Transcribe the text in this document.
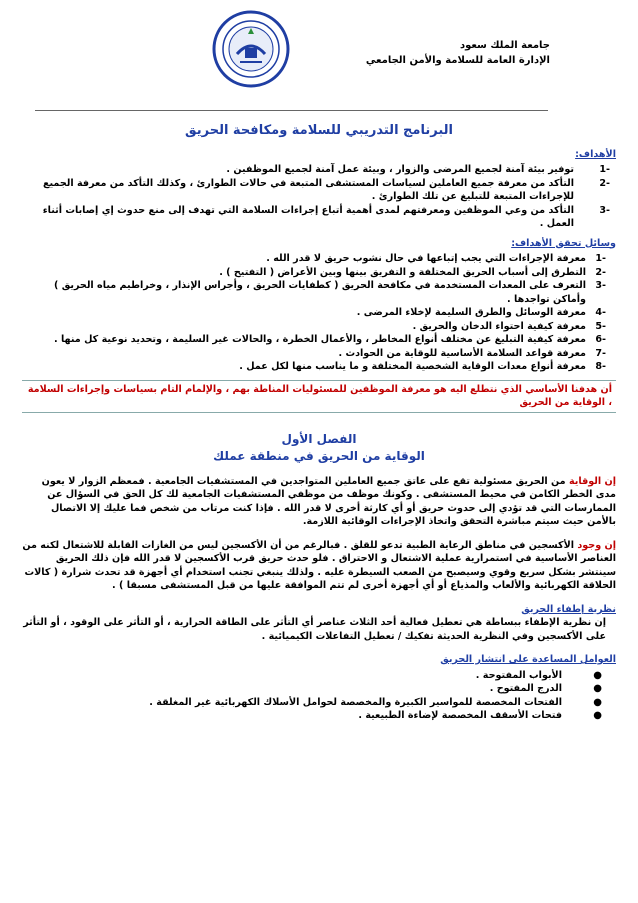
جامعة الملك سعود
الإدارة العامة للسلامة والأمن الجامعي
البرنامج التدريبي للسلامة ومكافحة الحريق
الأهداف:
-1
توفير بيئة آمنة لجميع المرضى والزوار ، وبيئة عمل آمنة لجميع الموظفين .
-2
التأكد من معرفة جميع العاملين لسياسات المستشفى المتبعة في حالات الطوارئ ، وكذلك التأكد من معرفة الجميع للإجراءات المتبعة للتبليغ عن تلك الطوارئ .
-3
التأكد من وعي الموظفين ومعرفتهم لمدى أهمية أتباع إجراءات السلامة التي تهدف إلى منع حدوث إي إصابات أثناء العمل .
وسائل تحقق الأهداف:
-1
معرفة الإجراءات التي يجب إتباعها في حال نشوب حريق لا قدر الله .
-2
التطرق إلى أسباب الحريق المختلفة و التفريق بينها وبين الأعراض ( التفتيح ) .
-3
التعرف على المعدات المستخدمة في مكافحة الحريق ( كطفايات الحريق ، وأجراس الإنذار ، وخراطيم مياه الحريق ) وأماكن تواجدها .
-4
معرفة الوسائل والطرق السليمة لإخلاء المرضى .
-5
معرفة كيفية احتواء الدخان والحريق .
-6
معرفة كيفية التبليغ عن مختلف أنواع المخاطر ، والأعمال الخطرة ، والحالات غير السليمة ، وتحديد نوعية كل منها .
-7
معرفة قواعد السلامة الأساسية للوقاية من الحوادث .
-8
معرفة أنواع معدات الوقاية الشخصية المختلفة و ما يناسب منها لكل عمل .
أن هدفنا الأساسي الذي نتطلع اليه هو معرفة الموظفين للمسئوليات المناطة بهم ، والإلمام التام بسياسات وإجراءات السلامة ، الوقاية من الحريق
الفصل الأول
الوقاية من الحريق في منطقة عملك
إن الوقاية من الحريق مسئولية تقع على عاتق جميع العاملين المتواجدين في المستشفيات الجامعية . فمعظم الزوار لا يعون مدى الخطر الكامن في محيط المستشفى . وكونك موظف من موظفي المستشفيات الجامعية لك كل الحق في السؤال عن الممارسات التي قد تؤدي إلى حدوث حريق أو أي كارثة أخرى لا قدر الله . فإذا كنت مرتاب من شخص فما عليك إلا الاتصال بالأمن حيث سيتم مباشرة التحقق واتخاذ الإجراءات الوقائية اللازمة.
إن وجود الأكسجين في مناطق الرعاية الطبية تدعو للقلق . فبالرغم من أن الأكسجين ليس من الغازات القابلة للاشتعال لكنه من العناصر الأساسية في استمرارية عملية الاشتعال و الاحتراق . فلو حدث حريق قرب الأكسجين لا قدر الله فإن ذلك الحريق سينتشر بشكل سريع وقوي وسيصبح من الصعب السيطرة عليه . ولذلك ينبغي تجنب استخدام أي أجهزة قد تحدث شرارة ( كالات الحلاقة الكهربائية والألعاب والمذياع أو أي أجهزة أخرى لم تتم الموافقة عليها من قبل المستشفى مسبقا ) .
نظرية إطفاء الحريق
إن نظرية الإطفاء ببساطة هي تعطيل فعالية أحد الثلاث عناصر أي التأثر على الطاقة الحرارية ، أو التأثر على الوقود ، أو التأثر على الأكسجين وفي النظرية الحديثة تفكيك / تعطيل التفاعلات الكيميائية .
العوامل المساعدة على انتشار الحريق
●
الأبواب المفتوحة .
●
الدرج المفتوح .
●
الفتحات المخصصة للمواسير الكبيرة والمخصصة لحوامل الأسلاك الكهربائية غير المغلقة .
●
فتحات الأسقف المخصصة لإضاءة الطبيعية .
